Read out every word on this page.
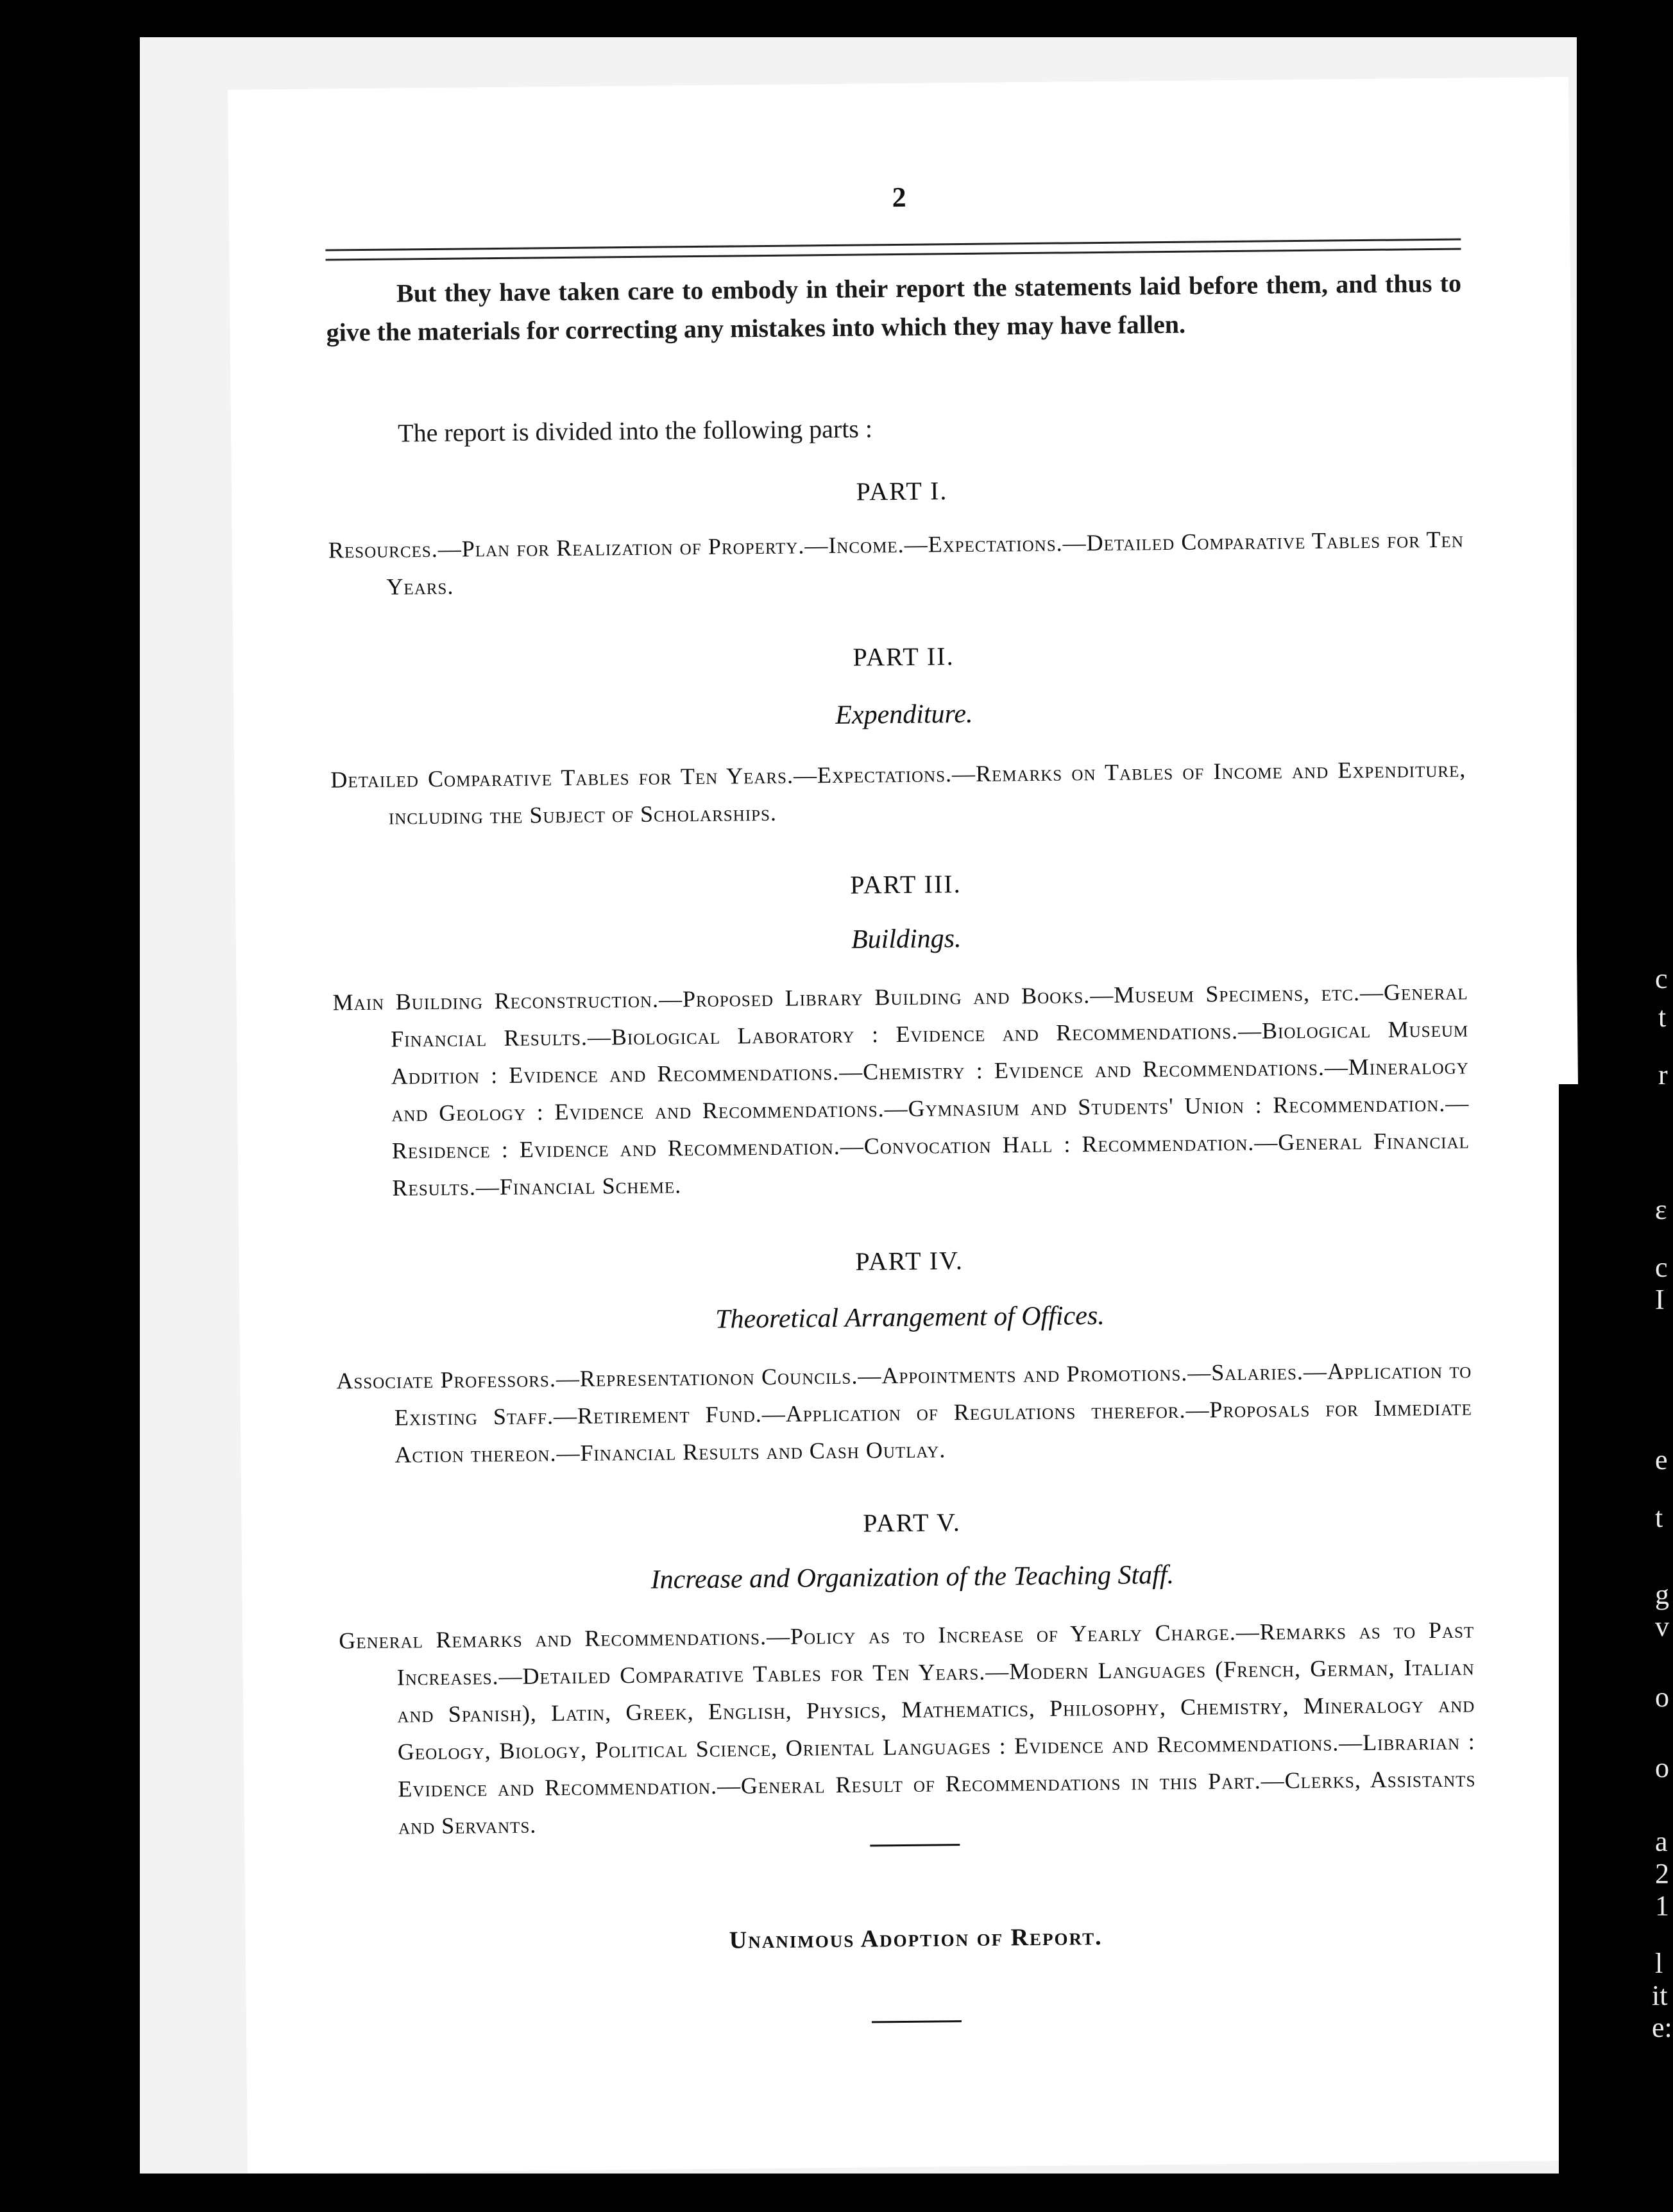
2
But they have taken care to embody in their report the statements laid before them, and thus to give the materials for correcting any mistakes into which they may have fallen.
The report is divided into the following parts :
PART I.
Resources.—Plan for Realization of Property.—Income.—Expectations.—Detailed Comparative Tables for Ten Years.
PART II.
Expenditure.
Detailed Comparative Tables for Ten Years.—Expectations.—Remarks on Tables of Income and Expenditure, including the Subject of Scholarships.
PART III.
Buildings.
Main Building Reconstruction.—Proposed Library Building and Books.—Museum Specimens, etc.—General Financial Results.—Biological Laboratory : Evidence and Recommendations.—Biological Museum Addition : Evidence and Recommendations.—Chemistry : Evidence and Recommendations.—Mineralogy and Geology : Evidence and Recommendations.—Gymnasium and Students' Union : Recommendation.—Residence : Evidence and Recommendation.—Convocation Hall : Recommendation.—General Financial Results.—Financial Scheme.
PART IV.
Theoretical Arrangement of Offices.
Associate Professors.—Representationon Councils.—Appointments and Promotions.—Salaries.—Application to Existing Staff.—Retirement Fund.—Application of Regulations therefor.—Proposals for Immediate Action thereon.—Financial Results and Cash Outlay.
PART V.
Increase and Organization of the Teaching Staff.
General Remarks and Recommendations.—Policy as to Increase of Yearly Charge.—Remarks as to Past Increases.—Detailed Comparative Tables for Ten Years.—Modern Languages (French, German, Italian and Spanish), Latin, Greek, English, Physics, Mathematics, Philosophy, Chemistry, Mineralogy and Geology, Biology, Political Science, Oriental Languages : Evidence and Recommendations.—Librarian : Evidence and Recommendation.—General Result of Recommendations in this Part.—Clerks, Assistants and Servants.
Unanimous Adoption of Report.
c
t
r
ε
c
I
e
t
g
v
o
o
a
2
1
l
it
e:
